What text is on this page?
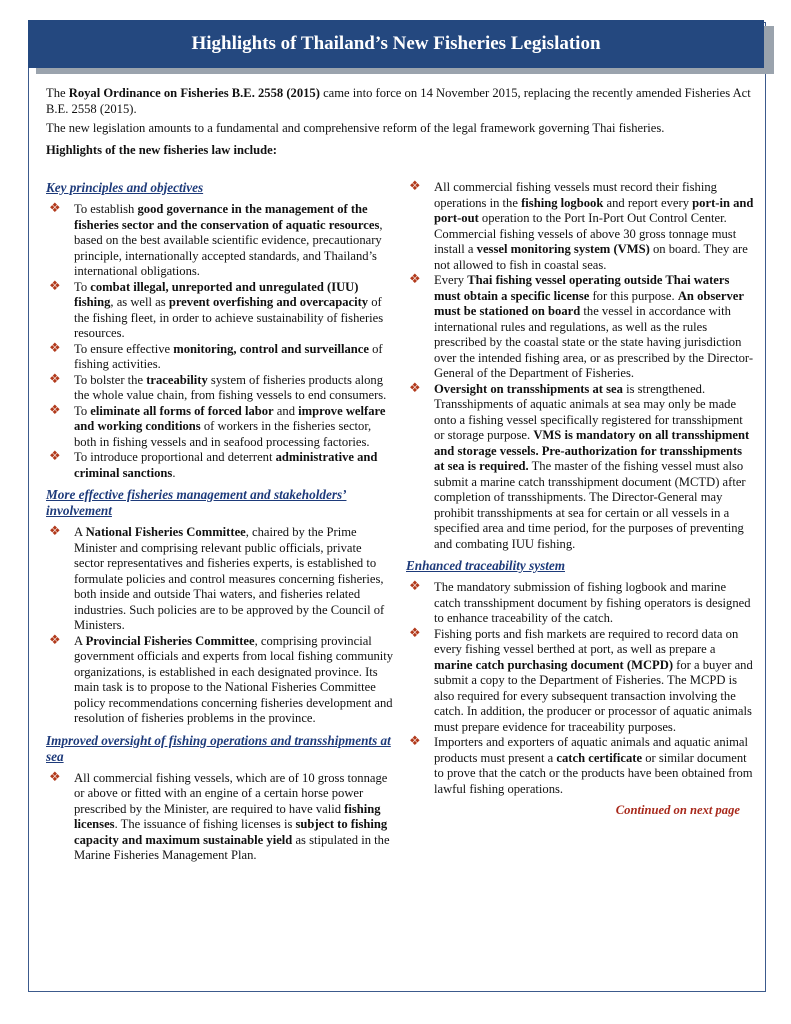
Highlights of Thailand’s New Fisheries Legislation

The Royal Ordinance on Fisheries B.E. 2558 (2015) came into force on 14 November 2015, replacing the recently amended Fisheries Act B.E. 2558 (2015).

The new legislation amounts to a fundamental and comprehensive reform of the legal framework governing Thai fisheries.

Highlights of the new fisheries law include:

Key principles and objectives
❖ To establish good governance in the management of the fisheries sector and the conservation of aquatic resources, based on the best available scientific evidence, precautionary principle, internationally accepted standards, and Thailand’s international obligations.
❖ To combat illegal, unreported and unregulated (IUU) fishing, as well as prevent overfishing and overcapacity of the fishing fleet, in order to achieve sustainability of fisheries resources.
❖ To ensure effective monitoring, control and surveillance of fishing activities.
❖ To bolster the traceability system of fisheries products along the whole value chain, from fishing vessels to end consumers.
❖ To eliminate all forms of forced labor and improve welfare and working conditions of workers in the fisheries sector, both in fishing vessels and in seafood processing factories.
❖ To introduce proportional and deterrent administrative and criminal sanctions.
More effective fisheries management and stakeholders’ involvement
❖ A National Fisheries Committee, chaired by the Prime Minister and comprising relevant public officials, private sector representatives and fisheries experts, is established to formulate policies and control measures concerning fisheries, both inside and outside Thai waters, and fisheries related industries. Such policies are to be approved by the Council of Ministers.
❖ A Provincial Fisheries Committee, comprising provincial government officials and experts from local fishing community organizations, is established in each designated province. Its main task is to propose to the National Fisheries Committee policy recommendations concerning fisheries development and resolution of fisheries problems in the province.
Improved oversight of fishing operations and transshipments at sea
❖ All commercial fishing vessels, which are of 10 gross tonnage or above or fitted with an engine of a certain horse power prescribed by the Minister, are required to have valid fishing licenses. The issuance of fishing licenses is subject to fishing capacity and maximum sustainable yield as stipulated in the Marine Fisheries Management Plan.
❖ All commercial fishing vessels must record their fishing operations in the fishing logbook and report every port-in and port-out operation to the Port In-Port Out Control Center. Commercial fishing vessels of above 30 gross tonnage must install a vessel monitoring system (VMS) on board. They are not allowed to fish in coastal seas.
❖ Every Thai fishing vessel operating outside Thai waters must obtain a specific license for this purpose. An observer must be stationed on board the vessel in accordance with international rules and regulations, as well as the rules prescribed by the coastal state or the state having jurisdiction over the intended fishing area, or as prescribed by the Director-General of the Department of Fisheries.
❖ Oversight on transshipments at sea is strengthened. Transshipments of aquatic animals at sea may only be made onto a fishing vessel specifically registered for transshipment or storage purpose. VMS is mandatory on all transshipment and storage vessels. Pre-authorization for transshipments at sea is required. The master of the fishing vessel must also submit a marine catch transshipment document (MCTD) after completion of transshipments. The Director-General may prohibit transshipments at sea for certain or all vessels in a specified area and time period, for the purposes of preventing and combating IUU fishing.
Enhanced traceability system
❖ The mandatory submission of fishing logbook and marine catch transshipment document by fishing operators is designed to enhance traceability of the catch.
❖ Fishing ports and fish markets are required to record data on every fishing vessel berthed at port, as well as prepare a marine catch purchasing document (MCPD) for a buyer and submit a copy to the Department of Fisheries. The MCPD is also required for every subsequent transaction involving the catch. In addition, the producer or processor of aquatic animals must prepare evidence for traceability purposes.
❖ Importers and exporters of aquatic animals and aquatic animal products must present a catch certificate or similar document to prove that the catch or the products have been obtained from lawful fishing operations.
Continued on next page
